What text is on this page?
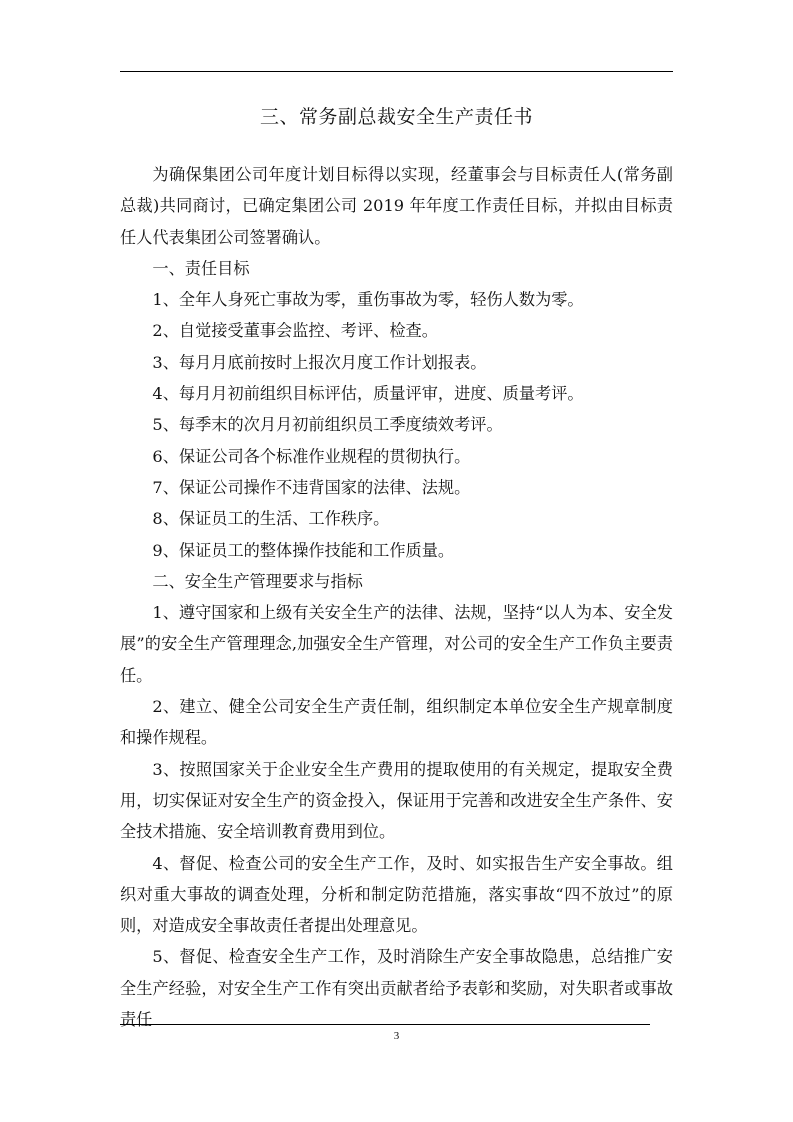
三、常务副总裁安全生产责任书

为确保集团公司年度计划目标得以实现，经董事会与目标责任人(常务副总裁)共同商讨，已确定集团公司 2019 年年度工作责任目标，并拟由目标责任人代表集团公司签署确认。

一、责任目标

1、全年人身死亡事故为零，重伤事故为零，轻伤人数为零。

2、自觉接受董事会监控、考评、检查。

3、每月月底前按时上报次月度工作计划报表。

4、每月月初前组织目标评估，质量评审，进度、质量考评。

5、每季末的次月月初前组织员工季度绩效考评。

6、保证公司各个标准作业规程的贯彻执行。

7、保证公司操作不违背国家的法律、法规。

8、保证员工的生活、工作秩序。

9、保证员工的整体操作技能和工作质量。

二、安全生产管理要求与指标

1、遵守国家和上级有关安全生产的法律、法规，坚持“以人为本、安全发展”的安全生产管理理念,加强安全生产管理，对公司的安全生产工作负主要责任。

2、建立、健全公司安全生产责任制，组织制定本单位安全生产规章制度和操作规程。

3、按照国家关于企业安全生产费用的提取使用的有关规定，提取安全费用，切实保证对安全生产的资金投入，保证用于完善和改进安全生产条件、安全技术措施、安全培训教育费用到位。

4、督促、检查公司的安全生产工作，及时、如实报告生产安全事故。组织对重大事故的调查处理，分析和制定防范措施，落实事故“四不放过”的原则，对造成安全事故责任者提出处理意见。

5、督促、检查安全生产工作，及时消除生产安全事故隐患，总结推广安全生产经验，对安全生产工作有突出贡献者给予表彰和奖励，对失职者或事故责任

3
